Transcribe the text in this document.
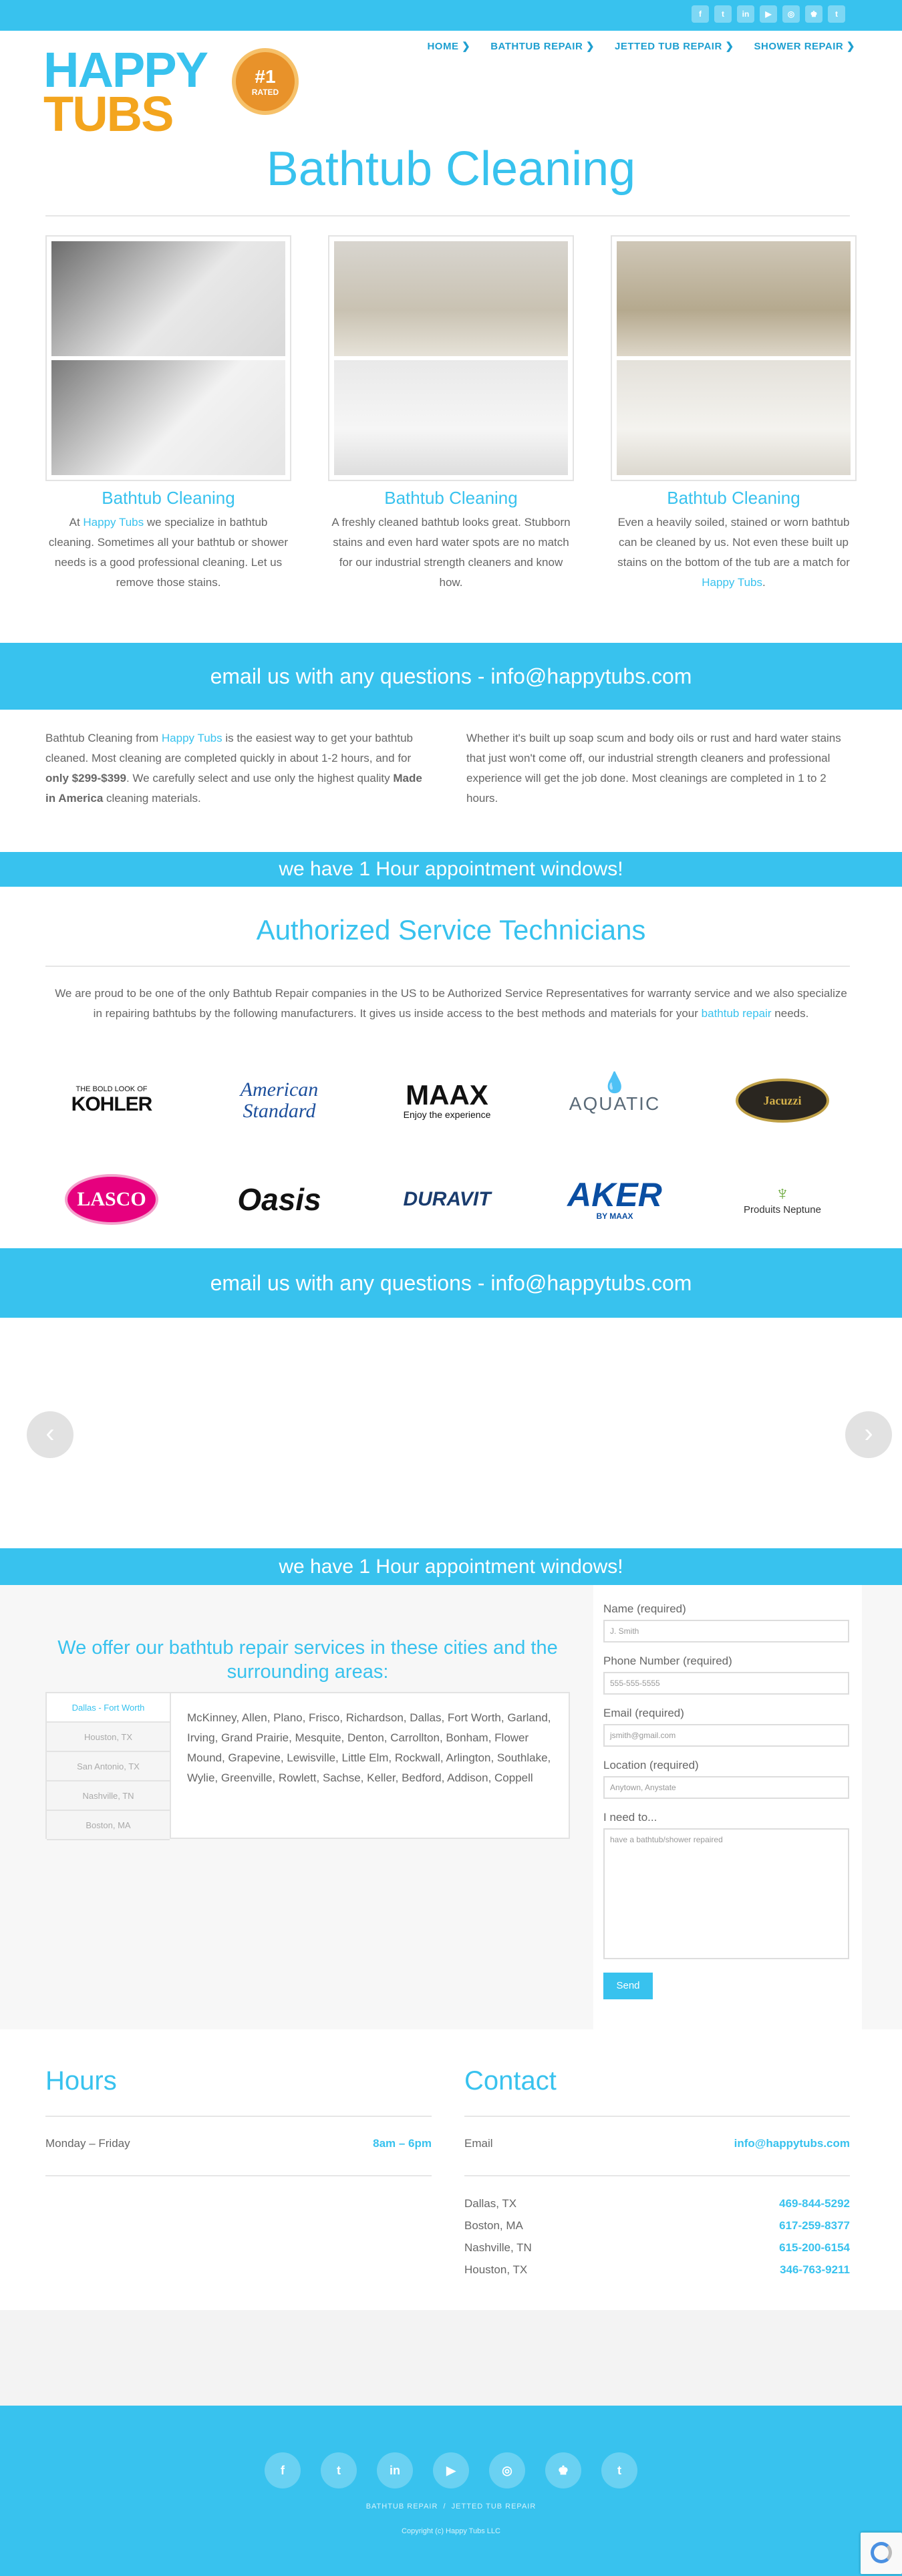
f	t	in	▶	◎	♚	t
HAPPY
TUBS
#1
RATED
HOME ❯ BATHTUB REPAIR ❯ JETTED TUB REPAIR ❯ SHOWER REPAIR ❯
Bathtub Cleaning
Bathtub Cleaning

At Happy Tubs we specialize in bathtub cleaning. Sometimes all your bathtub or shower needs is a good professional cleaning. Let us remove those stains.

Bathtub Cleaning

A freshly cleaned bathtub looks great. Stubborn stains and even hard water spots are no match for our industrial strength cleaners and know how.

Bathtub Cleaning

Even a heavily soiled, stained or worn bathtub can be cleaned by us. Not even these built up stains on the bottom of the tub are a match for Happy Tubs.

email us with any questions - info@happytubs.com
Bathtub Cleaning from Happy Tubs is the easiest way to get your bathtub cleaned. Most cleaning are completed quickly in about 1-2 hours, and for only $299-$399. We carefully select and use only the highest quality Made in America cleaning materials.
Whether it's built up soap scum and body oils or rust and hard water stains that just won't come off, our industrial strength cleaners and professional experience will get the job done. Most cleanings are completed in 1 to 2 hours.
we have 1 Hour appointment windows!
Authorized Service Technicians
We are proud to be one of the only Bathtub Repair companies in the US to be Authorized Service Representatives for warranty service and we also specialize in repairing bathtubs by the following manufacturers. It gives us inside access to the best methods and materials for your bathtub repair needs.
THE BOLD LOOK OF
KOHLER
American Standard
MAAX
Enjoy the experience
💧
AQUATIC	Jacuzzi
LASCO	Oasis	DURAVIT AKER
BY MAAX
♆
Produits Neptune
email us with any questions - info@happytubs.com
‹	›
we have 1 Hour appointment windows!
We offer our bathtub repair services in these cities and the surrounding areas:
Dallas - Fort Worth
Houston, TX
San Antonio, TX
Nashville, TN
Boston, MA
McKinney, Allen, Plano, Frisco, Richardson, Dallas, Fort Worth, Garland, Irving, Grand Prairie, Mesquite, Denton, Carrollton, Bonham, Flower Mound, Grapevine, Lewisville, Little Elm, Rockwall, Arlington, Southlake, Wylie, Greenville, Rowlett, Sachse, Keller, Bedford, Addison, Coppell
Name (required)
J. Smith
Phone Number (required)
555-555-5555
Email (required)
jsmith@gmail.com
Location (required)
Anytown, Anystate
I need to...
have a bathtub/shower repaired
Send
Hours
Monday – Friday	8am – 6pm
Contact
Email	info@happytubs.com
Dallas, TX	469-844-5292
Boston, MA	617-259-8377
Nashville, TN	615-200-6154
Houston, TX	346-763-9211
f	t	in	▶	◎	♚	t
BATHTUB REPAIR  /  JETTED TUB REPAIR
Copyright (c) Happy Tubs LLC
